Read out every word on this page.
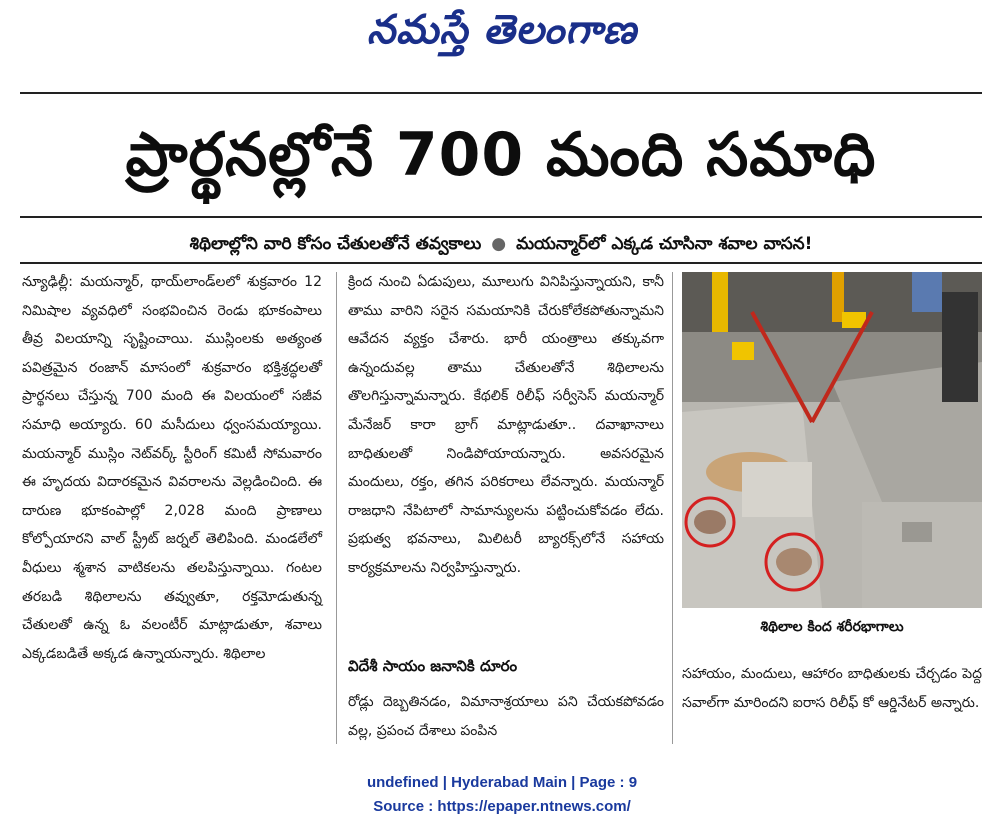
నమస్తే తెలంగాణ
ప్రార్థనల్లోనే 700 మంది సమాధి
శిథిలాల్లోని వారి కోసం చేతులతోనే తవ్వకాలు ● మయన్మార్‌లో ఎక్కడ చూసినా శవాల వాసన!
న్యూఢిల్లీ: మయన్మార్, థాయ్‌లాండ్‌లలో శుక్రవారం 12 నిమిషాల వ్యవధిలో సంభవించిన రెండు భూకంపాలు తీవ్ర విలయాన్ని సృష్టించాయి. ముస్లింలకు అత్యంత పవిత్రమైన రంజాన్ మాసంలో శుక్రవారం భక్తిశ్రద్ధలతో ప్రార్థనలు చేస్తున్న 700 మంది ఈ విలయంలో సజీవ సమాధి అయ్యారు. 60 మసీదులు ధ్వంసమయ్యాయి. మయన్మార్ ముస్లిం నెట్‌వర్క్ స్టీరింగ్ కమిటీ సోమవారం ఈ హృదయ విదారకమైన వివరాలను వెల్లడించింది. ఈ దారుణ భూకంపాల్లో 2,028 మంది ప్రాణాలు కోల్పోయారని వాల్ స్ట్రీట్ జర్నల్ తెలిపింది. మండలేలో వీధులు శ్మశాన వాటికలను తలపిస్తున్నాయి. గంటల తరబడి శిథిలాలను తవ్వుతూ, రక్తమోడుతున్న చేతులతో ఉన్న ఓ వలంటీర్ మాట్లాడుతూ, శవాలు ఎక్కడబడితే అక్కడ ఉన్నాయన్నారు. శిథిలాల
క్రింద నుంచి ఏడుపులు, మూలుగు వినిపిస్తున్నాయని, కానీ తాము వారిని సరైన సమయానికి చేరుకోలేకపోతున్నామని ఆవేదన వ్యక్తం చేశారు. భారీ యంత్రాలు తక్కువగా ఉన్నందువల్ల తాము చేతులతోనే శిథిలాలను తొలగిస్తున్నామన్నారు. కేథలిక్ రిలీఫ్ సర్వీసెస్ మయన్మార్ మేనేజర్ కారా బ్రాగ్ మాట్లాడుతూ.. దవాఖానాలు బాధితులతో నిండిపోయాయన్నారు. అవసరమైన మందులు, రక్తం, తగిన పరికరాలు లేవన్నారు. మయన్మార్ రాజధాని నేపిటాలో సామాన్యులను పట్టించుకోవడం లేదు. ప్రభుత్వ భవనాలు, మిలిటరీ బ్యారక్స్‌లోనే సహాయ కార్యక్రమాలను నిర్వహిస్తున్నారు.
విదేశీ సాయం జనానికి దూరం
రోడ్లు దెబ్బతినడం, విమానాశ్రయాలు పని చేయకపోవడం వల్ల, ప్రపంచ దేశాలు పంపిన
శిథిలాల కింద శరీరభాగాలు
సహాయం, మందులు, ఆహారం బాధితులకు చేర్చడం పెద్ద సవాల్‌గా మారిందని ఐరాస రిలీఫ్ కో ఆర్డినేటర్ అన్నారు.
undefined | Hyderabad Main | Page : 9
Source : https://epaper.ntnews.com/
